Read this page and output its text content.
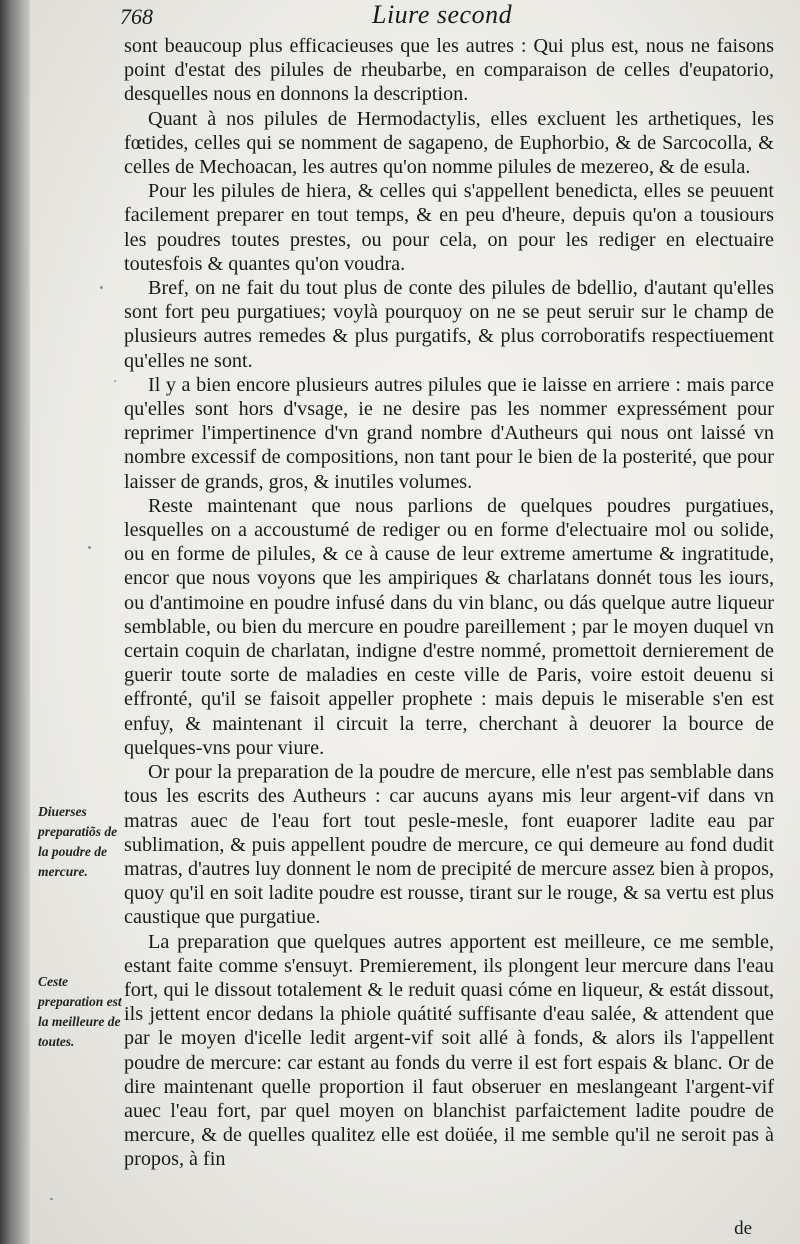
768	Liure second

sont beaucoup plus efficacieuses que les autres : Qui plus est, nous ne faisons point d'estat des pilules de rheubarbe, en comparaison de celles d'eupatorio, desquelles nous en donnons la description.

Quant à nos pilules de Hermodactylis, elles excluent les arthetiques, les fœtides, celles qui se nomment de sagapeno, de Euphorbio, & de Sarcocolla, & celles de Mechoacan, les autres qu'on nomme pilules de mezereo, & de esula.

Pour les pilules de hiera, & celles qui s'appellent benedicta, elles se peuuent facilement preparer en tout temps, & en peu d'heure, depuis qu'on a tousiours les poudres toutes prestes, ou pour cela, on pour les rediger en electuaire toutesfois & quantes qu'on voudra.

Bref, on ne fait du tout plus de conte des pilules de bdellio, d'autant qu'elles sont fort peu purgatiues; voylà pourquoy on ne se peut seruir sur le champ de plusieurs autres remedes & plus purgatifs, & plus corroboratifs respectiuement qu'elles ne sont.

Il y a bien encore plusieurs autres pilules que ie laisse en arriere : mais parce qu'elles sont hors d'vsage, ie ne desire pas les nommer expressément pour reprimer l'impertinence d'vn grand nombre d'Autheurs qui nous ont laissé vn nombre excessif de compositions, non tant pour le bien de la posterité, que pour laisser de grands, gros, & inutiles volumes.

Reste maintenant que nous parlions de quelques poudres purgatiues, lesquelles on a accoustumé de rediger ou en forme d'electuaire mol ou solide, ou en forme de pilules, & ce à cause de leur extreme amertume & ingratitude, encor que nous voyons que les ampiriques & charlatans donnét tous les iours, ou d'antimoine en poudre infusé dans du vin blanc, ou dás quelque autre liqueur semblable, ou bien du mercure en poudre pareillement ; par le moyen duquel vn certain coquin de charlatan, indigne d'estre nommé, promettoit dernierement de guerir toute sorte de maladies en ceste ville de Paris, voire estoit deuenu si effronté, qu'il se faisoit appeller prophete : mais depuis le miserable s'en est enfuy, & maintenant il circuit la terre, cherchant à deuorer la bource de quelques-vns pour viure.

Or pour la preparation de la poudre de mercure, elle n'est pas semblable dans tous les escrits des Autheurs : car aucuns ayans mis leur argent-vif dans vn matras auec de l'eau fort tout pesle-mesle, font euaporer ladite eau par sublimation, & puis appellent poudre de mercure, ce qui demeure au fond dudit matras, d'autres luy donnent le nom de precipité de mercure assez bien à propos, quoy qu'il en soit ladite poudre est rousse, tirant sur le rouge, & sa vertu est plus caustique que purgatiue.

La preparation que quelques autres apportent est meilleure, ce me semble, estant faite comme s'ensuyt. Premierement, ils plongent leur mercure dans l'eau fort, qui le dissout totalement & le reduit quasi cóme en liqueur, & estát dissout, ils jettent encor dedans la phiole quátité suffisante d'eau salée, & attendent que par le moyen d'icelle ledit argent-vif soit allé à fonds, & alors ils l'appellent poudre de mercure: car estant au fonds du verre il est fort espais & blanc. Or de dire maintenant quelle proportion il faut obseruer en meslangeant l'argent-vif auec l'eau fort, par quel moyen on blanchist parfaictement ladite poudre de mercure, & de quelles qualitez elle est doüée, il me semble qu'il ne seroit pas à propos, à fin

Diuerses preparatiõs de la poudre de mercure.
Ceste preparation est la meilleure de toutes.
de
